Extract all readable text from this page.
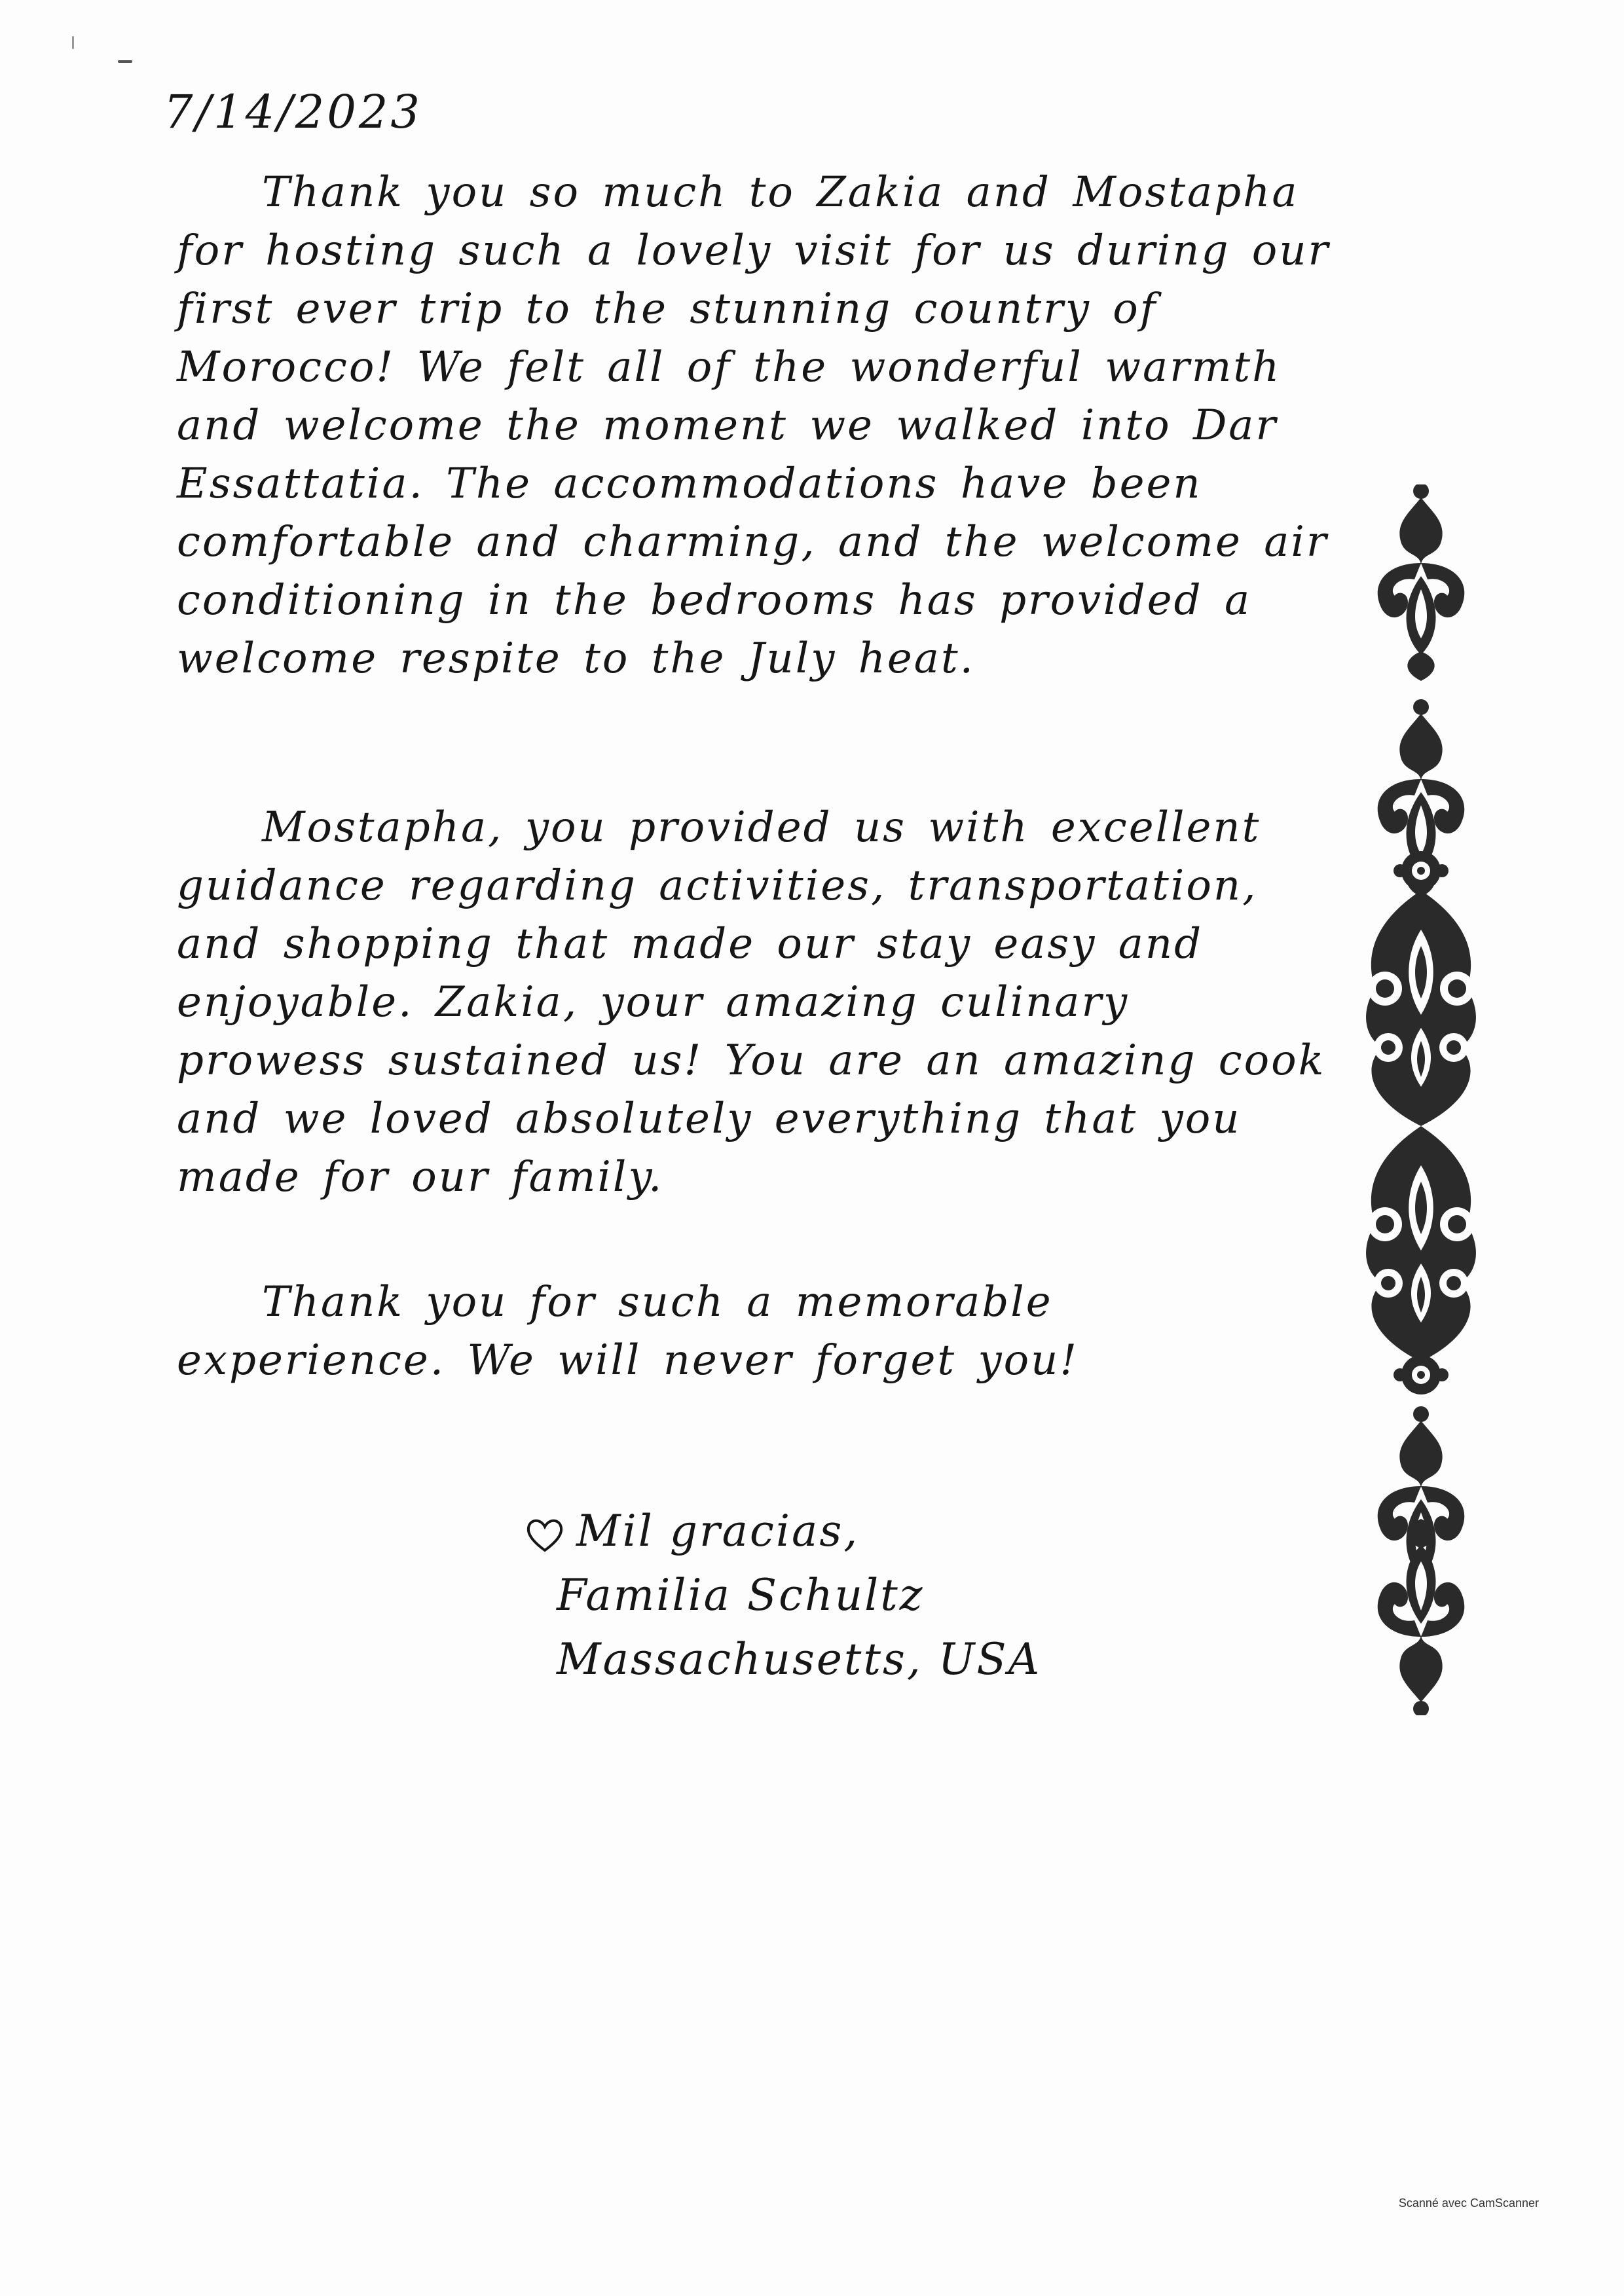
7/14/2023

Thank you so much to Zakia and Mostapha for hosting such a lovely visit for us during our first ever trip to the stunning country of Morocco! We felt all of the wonderful warmth and welcome the moment we walked into Dar Essattatia. The accommodations have been comfortable and charming, and the welcome air conditioning in the bedrooms has provided a welcome respite to the July heat.

Mostapha, you provided us with excellent guidance regarding activities, transportation, and shopping that made our stay easy and enjoyable. Zakia, your amazing culinary prowess sustained us! You are an amazing cook and we loved absolutely everything that you made for our family.

Thank you for such a memorable experience. We will never forget you!

Mil gracias,
Familia Schultz
Massachusetts, USA
Scanné avec CamScanner
